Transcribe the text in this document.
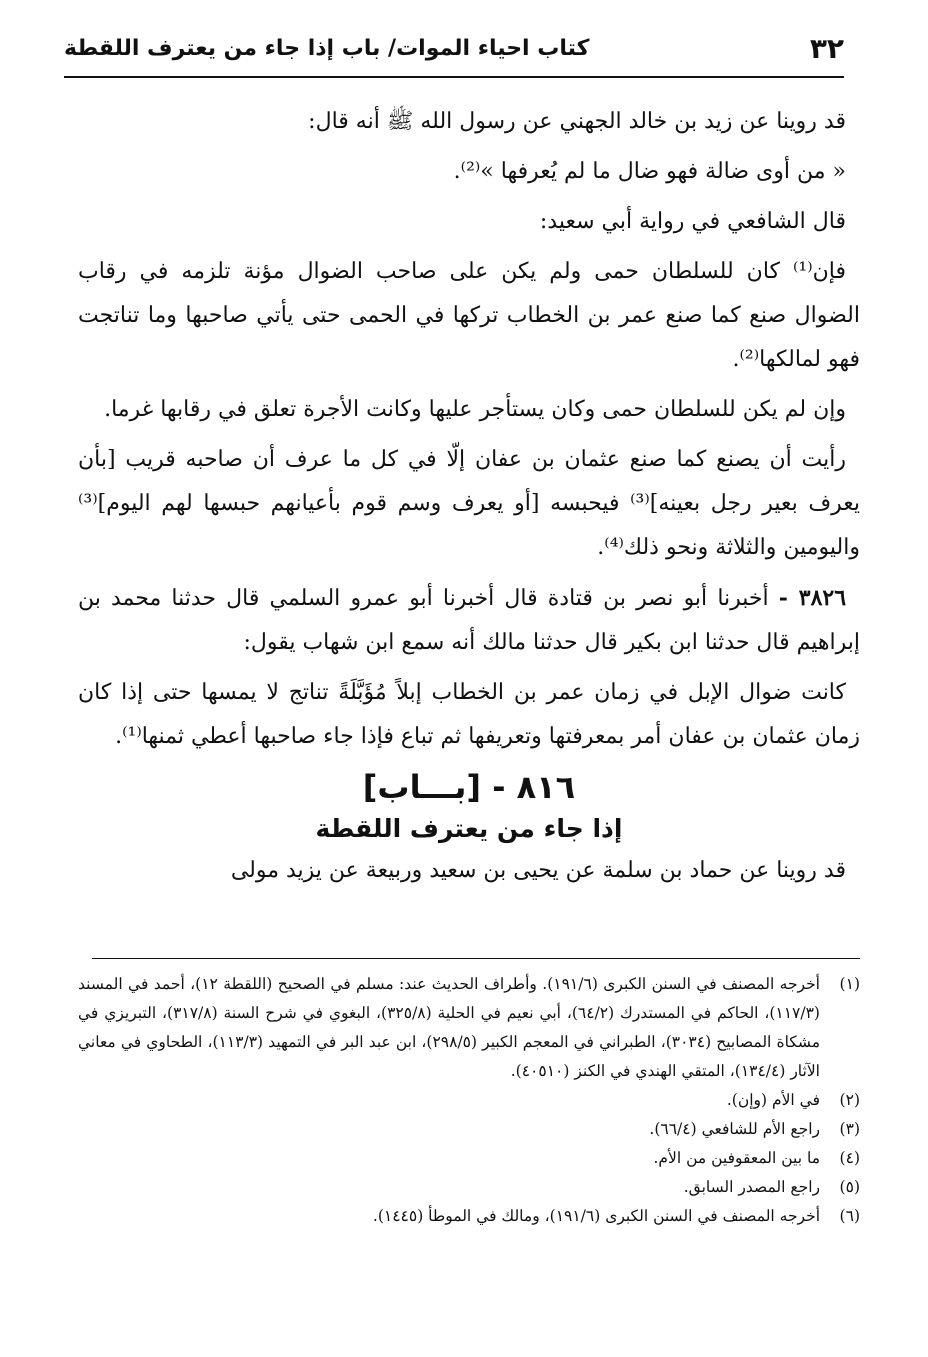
٣٢
كتاب احياء الموات/ باب إذا جاء من يعترف اللقطة

قد روينا عن زيد بن خالد الجهني عن رسول الله ﷺ أنه قال:

« من أوى ضالة فهو ضال ما لم يُعرفها »⁽²⁾.

قال الشافعي في رواية أبي سعيد:

فإن⁽¹⁾ كان للسلطان حمى ولم يكن على صاحب الضوال مؤنة تلزمه في رقاب الضوال صنع كما صنع عمر بن الخطاب تركها في الحمى حتى يأتي صاحبها وما تناتجت فهو لمالكها⁽²⁾.

وإن لم يكن للسلطان حمى وكان يستأجر عليها وكانت الأجرة تعلق في رقابها غرما.

رأيت أن يصنع كما صنع عثمان بن عفان إلّا في كل ما عرف أن صاحبه قريب [بأن يعرف بعير رجل بعينه]⁽³⁾ فيحبسه [أو يعرف وسم قوم بأعيانهم حبسها لهم اليوم]⁽³⁾ واليومين والثلاثة ونحو ذلك⁽⁴⁾.

٣٨٢٦ - أخبرنا أبو نصر بن قتادة قال أخبرنا أبو عمرو السلمي قال حدثنا محمد بن إبراهيم قال حدثنا ابن بكير قال حدثنا مالك أنه سمع ابن شهاب يقول:

كانت ضوال الإبل في زمان عمر بن الخطاب إبلاً مُؤَبَّلَةً تناتج لا يمسها حتى إذا كان زمان عثمان بن عفان أمر بمعرفتها وتعريفها ثم تباع فإذا جاء صاحبها أعطي ثمنها⁽¹⁾.

٨١٦ - [بـــاب]
إذا جاء من يعترف اللقطة

قد روينا عن حماد بن سلمة عن يحيى بن سعيد وربيعة عن يزيد مولى

(١)
أخرجه المصنف في السنن الكبرى (١٩١/٦). وأطراف الحديث عند: مسلم في الصحيح (اللقطة ١٢)، أحمد في المسند (١١٧/٣)، الحاكم في المستدرك (٦٤/٢)، أبي نعيم في الحلية (٣٢٥/٨)، البغوي في شرح السنة (٣١٧/٨)، التبريزي في مشكاة المصابيح (٣٠٣٤)، الطبراني في المعجم الكبير (٢٩٨/٥)، ابن عبد البر في التمهيد (١١٣/٣)، الطحاوي في معاني الآثار (١٣٤/٤)، المتقي الهندي في الكنز (٤٠٥١٠).
(٢)
في الأم (وإن).
(٣)
راجع الأم للشافعي (٦٦/٤).
(٤)
ما بين المعقوفين من الأم.
(٥)
راجع المصدر السابق.
(٦)
أخرجه المصنف في السنن الكبرى (١٩١/٦)، ومالك في الموطأ (١٤٤٥).
